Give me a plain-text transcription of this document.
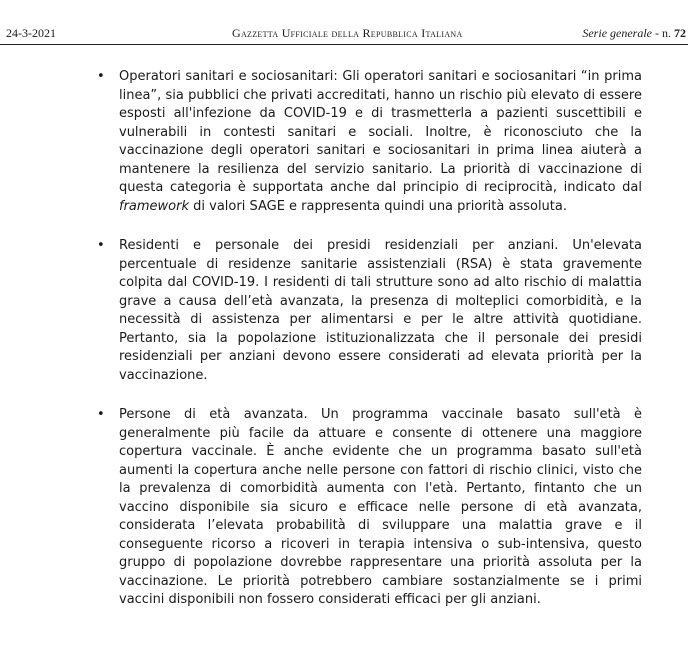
24-3-2021	Gazzetta Ufficiale della Repubblica Italiana	Serie generale - n. 72
• Operatori sanitari e sociosanitari: Gli operatori sanitari e sociosanitari “in prima linea”, sia pubblici che privati accreditati, hanno un rischio più elevato di essere esposti all'infezione da COVID-19 e di trasmetterla a pazienti suscettibili e vulnerabili in contesti sanitari e sociali. Inoltre, è riconosciuto che la vaccinazione degli operatori sanitari e sociosanitari in prima linea aiuterà a mantenere la resilienza del servizio sanitario. La priorità di vaccinazione di questa categoria è supportata anche dal principio di reciprocità, indicato dal framework di valori SAGE e rappresenta quindi una priorità assoluta.

• Residenti e personale dei presidi residenziali per anziani. Un'elevata percentuale di residenze sanitarie assistenziali (RSA) è stata gravemente colpita dal COVID-19. I residenti di tali strutture sono ad alto rischio di malattia grave a causa dell’età avanzata, la presenza di molteplici comorbidità, e la necessità di assistenza per alimentarsi e per le altre attività quotidiane. Pertanto, sia la popolazione istituzionalizzata che il personale dei presidi residenziali per anziani devono essere considerati ad elevata priorità per la vaccinazione.

• Persone di età avanzata. Un programma vaccinale basato sull'età è generalmente più facile da attuare e consente di ottenere una maggiore copertura vaccinale. È anche evidente che un programma basato sull'età aumenti la copertura anche nelle persone con fattori di rischio clinici, visto che la prevalenza di comorbidità aumenta con l'età. Pertanto, fintanto che un vaccino disponibile sia sicuro e efficace nelle persone di età avanzata, considerata l’elevata probabilità di sviluppare una malattia grave e il conseguente ricorso a ricoveri in terapia intensiva o sub-intensiva, questo gruppo di popolazione dovrebbe rappresentare una priorità assoluta per la vaccinazione. Le priorità potrebbero cambiare sostanzialmente se i primi vaccini disponibili non fossero considerati efficaci per gli anziani.
